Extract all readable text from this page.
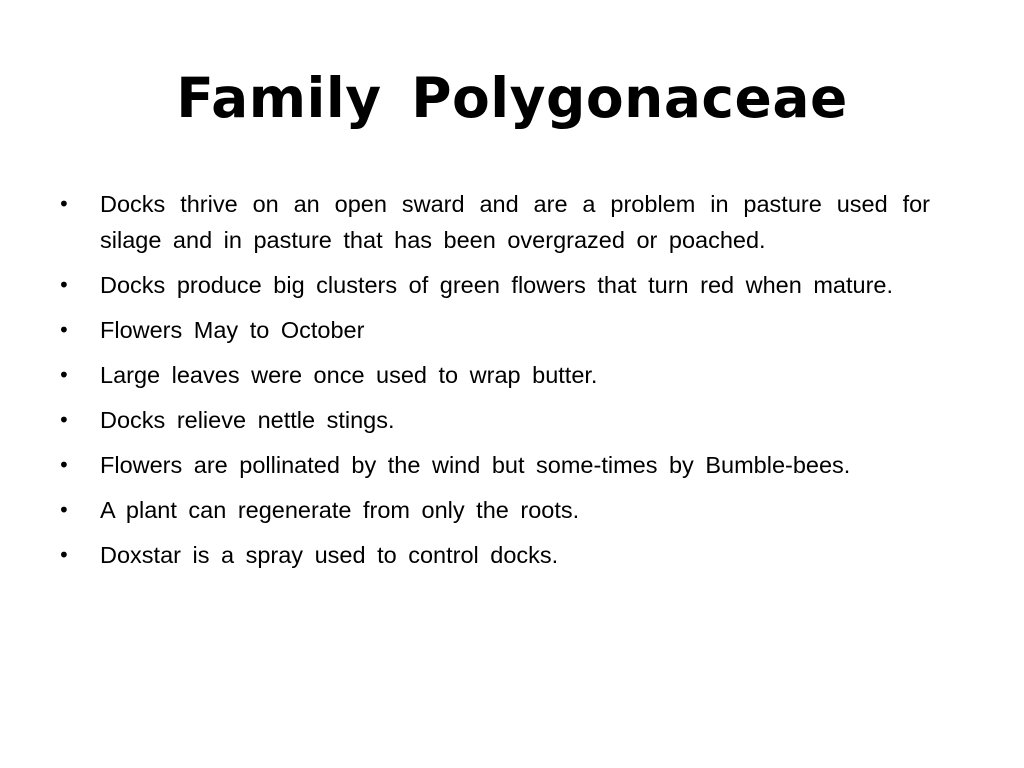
Family Polygonaceae
•	Docks thrive on an open sward and are a problem in pasture used for silage and in pasture that has been overgrazed or poached.
•	Docks produce big clusters of green flowers that turn red when mature.
•	Flowers May to October
•	Large leaves were once used to wrap butter.
•	Docks relieve nettle stings.
•	Flowers are pollinated by the wind but some-times by Bumble-bees.
•	A plant can regenerate from only the roots.
•	Doxstar is a spray used to control docks.
